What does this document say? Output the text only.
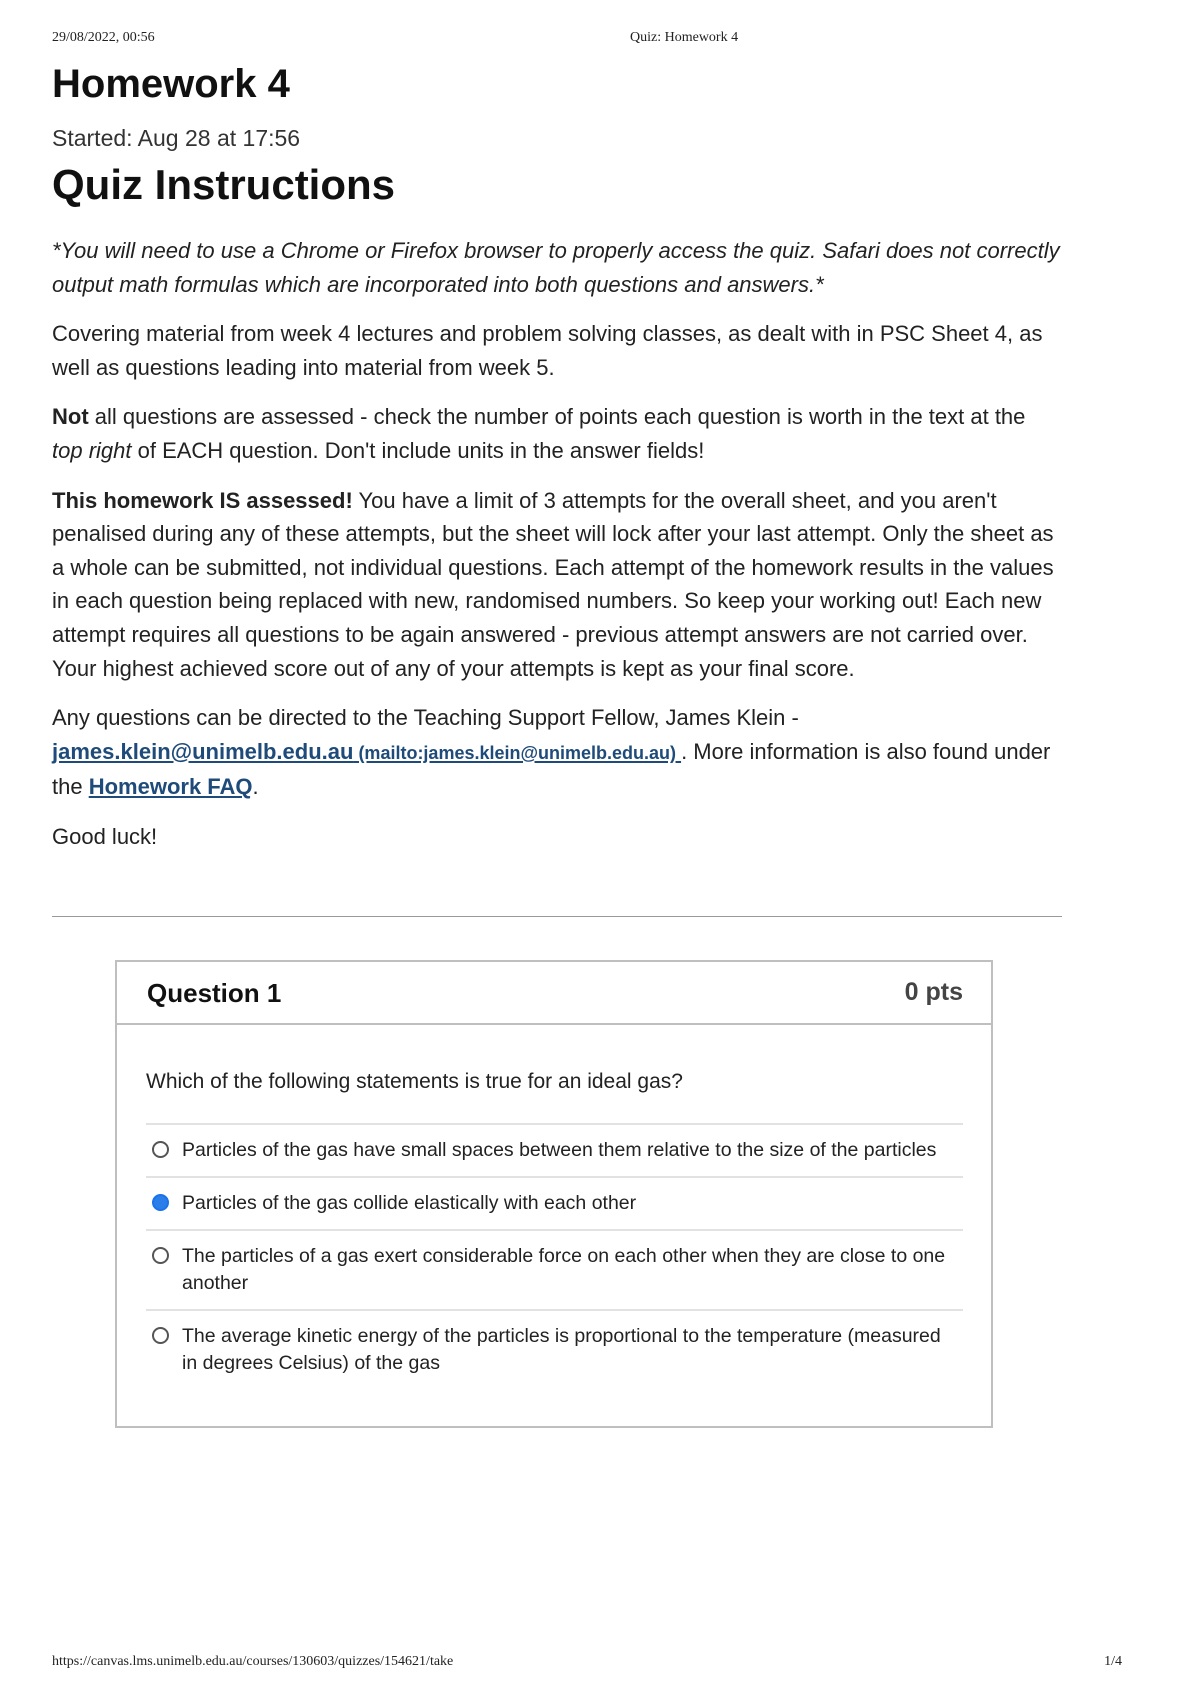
29/08/2022, 00:56	Quiz: Homework 4
Homework 4
Started: Aug 28 at 17:56
Quiz Instructions

*You will need to use a Chrome or Firefox browser to properly access the quiz. Safari does not correctly output math formulas which are incorporated into both questions and answers.*

Covering material from week 4 lectures and problem solving classes, as dealt with in PSC Sheet 4, as well as questions leading into material from week 5.

Not all questions are assessed - check the number of points each question is worth in the text at the top right of EACH question. Don't include units in the answer fields!

This homework IS assessed! You have a limit of 3 attempts for the overall sheet, and you aren't penalised during any of these attempts, but the sheet will lock after your last attempt. Only the sheet as a whole can be submitted, not individual questions. Each attempt of the homework results in the values in each question being replaced with new, randomised numbers. So keep your working out! Each new attempt requires all questions to be again answered - previous attempt answers are not carried over. Your highest achieved score out of any of your attempts is kept as your final score.

Any questions can be directed to the Teaching Support Fellow, James Klein - james.klein@unimelb.edu.au (mailto:james.klein@unimelb.edu.au) . More information is also found under the Homework FAQ.

Good luck!

Question 1	0 pts
Which of the following statements is true for an ideal gas?
Particles of the gas have small spaces between them relative to the size of the particles
Particles of the gas collide elastically with each other
The particles of a gas exert considerable force on each other when they are close to one another
The average kinetic energy of the particles is proportional to the temperature (measured in degrees Celsius) of the gas
https://canvas.lms.unimelb.edu.au/courses/130603/quizzes/154621/take	1/4
